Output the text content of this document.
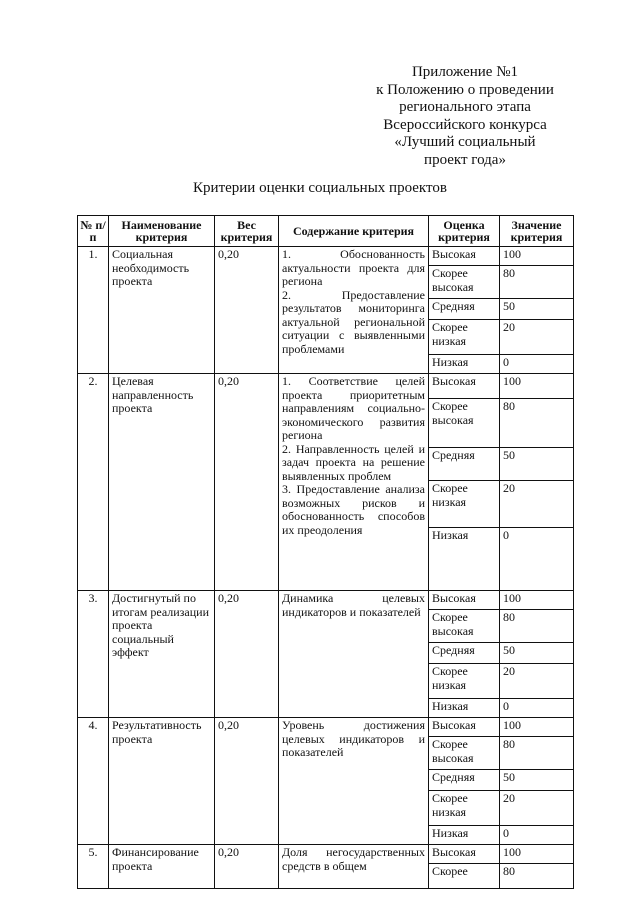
Приложение №1
к Положению о проведении
регионального этапа
Всероссийского конкурса
«Лучший социальный
проект года»
Критерии оценки социальных проектов
№ п/п	Наименование критерия	Вес критерия	Содержание критерия	Оценка критерия	Значение критерия
1.	Социальная необходимость проекта	0,20	1. Обоснованность актуальности проекта для региона
2. Предоставление результатов мониторинга актуальной региональной ситуации с выявленными проблемами	Высокая	100
				Скорее высокая	80
				Средняя	50
				Скорее низкая	20
				Низкая	0
2.	Целевая направленность проекта	0,20	1. Соответствие целей проекта приоритетным направлениям социально-экономического развития региона
2. Направленность целей и задач проекта на решение выявленных проблем
3. Предоставление анализа возможных рисков и обоснованность способов их преодоления	Высокая	100
				Скорее высокая	80
				Средняя	50
				Скорее низкая	20
				Низкая	0
3.	Достигнутый по итогам реализации проекта социальный эффект	0,20	Динамика целевых индикаторов и показателей	Высокая	100
				Скорее высокая	80
				Средняя	50
				Скорее низкая	20
				Низкая	0
4.	Результативность проекта	0,20	Уровень достижения целевых индикаторов и показателей	Высокая	100
				Скорее высокая	80
				Средняя	50
				Скорее низкая	20
				Низкая	0
5.	Финансирование проекта	0,20	Доля негосударственных средств в общем	Высокая	100
				Скорее	80
